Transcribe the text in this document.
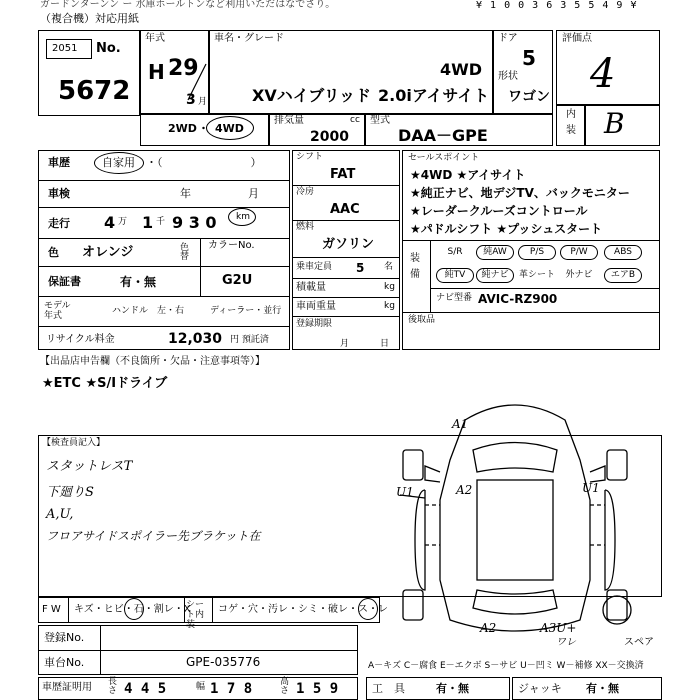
ガードンターンン ー 水庫ホールトンなど利用いただはなでさり。
（複合機）対応用紙
¥ 1 0 0 3 6 3 5 5 4 9 ¥
2051 No.
5672
年式
H 29
3 月
車名・グレード
4WD
XVハイブリッド 2.0iアイサイト
ドア
5
形状
ワゴン
2WD ・ 4WD
排気量	cc
2000
型式
DAA－GPE
評価点
4
内
装 B
車歴	自家用 ・（　　　　　　　　）
車検	年	月
走行 4 万 1 千 9 3 0 km
色 オレンジ	色替 カラーNo.
G2U
保証書	有・無
モデル年式	ハンドル　左・右	ディーラー・並行
リサイクル料金	12,030 円 預託済
シフト
FAT
冷房
AAC
燃料
ガソリン
乗車定員 5 名
積載量	kg
車両重量	kg
登録期限
月	日
セールスポイント
★4WD ★アイサイト
★純正ナビ、地デジTV、バックモニター
★レーダークルーズコントロール
★パドルシフト ★プッシュスタート
装
備
S/R	純AW	P/S	P/W	ABS
純TV	純ナビ	革シート	外ナビ	エアB
ナビ型番 AVIC-RZ900
後取品
【出品店申告欄（不良箇所・欠品・注意事項等）】
★ETC ★S/Iドライブ
【検査員記入】
スタットレスT
下廻りS
A,U,
フロアサイドスポイラー先ブラケット在
A1
A2
U1	U1
A2	A3U+
ワレ	スペア
F W キズ・ヒビ・石・割レ・X
シート内装
コゲ・穴・汚レ・シミ・破レ・ス・レ
登録No.
車台No.	GPE-035776	A－キズ C－腐食 E－エクボ S－サビ U－凹ミ W－補修 XX－交換済
車歴証明用 長さ 4 4 5	幅 1 7 8	高さ 1 5 9	工　具	有・無	ジャッキ 有・無
